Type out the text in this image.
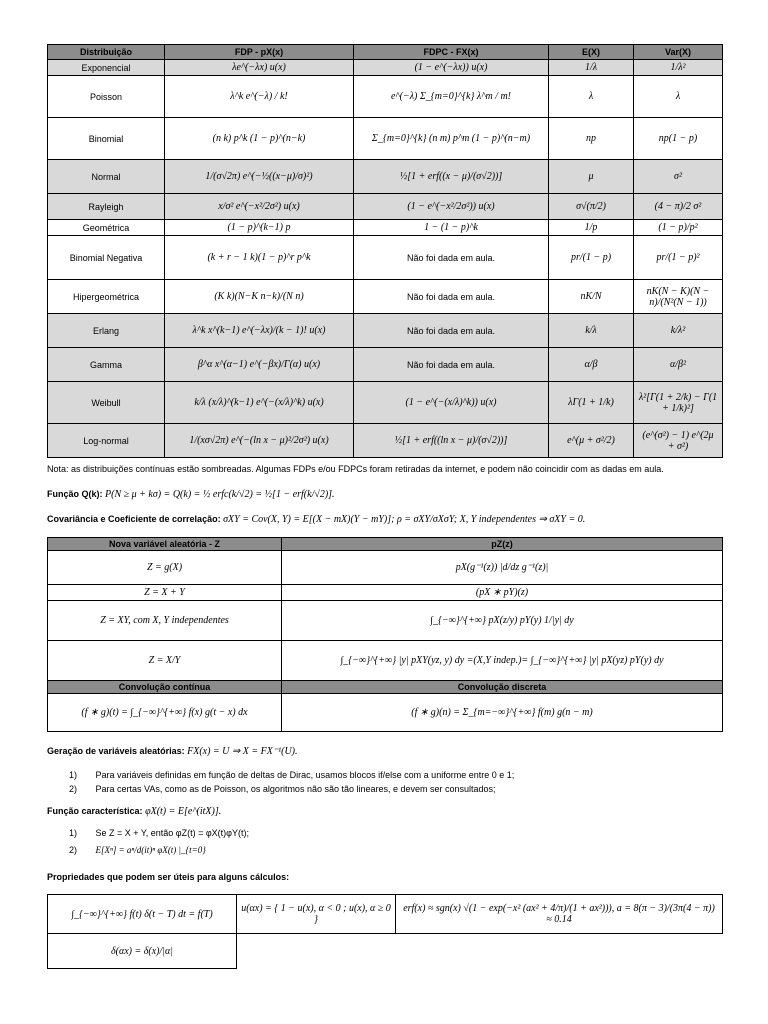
Distribuição	FDP - pX(x)	FDPC - FX(x)	E(X)	Var(X)
Exponencial	λe^(−λx) u(x)	(1 − e^(−λx)) u(x)	1/λ	1/λ²
Poisson	λ^k e^(−λ) / k!	e^(−λ) Σ_{m=0}^{k} λ^m / m!	λ	λ
Binomial	(n k) p^k (1 − p)^(n−k)	Σ_{m=0}^{k} (n m) p^m (1 − p)^(n−m)	np	np(1 − p)
Normal	1/(σ√2π) e^(−½((x−μ)/σ)²)	½[1 + erf((x − μ)/(σ√2))]	μ	σ²
Rayleigh	x/σ² e^(−x²/2σ²) u(x)	(1 − e^(−x²/2σ²)) u(x)	σ√(π/2)	(4 − π)/2 σ²
Geométrica	(1 − p)^(k−1) p	1 − (1 − p)^k	1/p	(1 − p)/p²
Binomial Negativa	(k + r − 1 k)(1 − p)^r p^k	Não foi dada em aula.	pr/(1 − p)	pr/(1 − p)²
Hipergeométrica	(K k)(N−K n−k)/(N n)	Não foi dada em aula.	nK/N	nK(N − K)(N − n)/(N²(N − 1))
Erlang	λ^k x^(k−1) e^(−λx)/(k − 1)! u(x)	Não foi dada em aula.	k/λ	k/λ²
Gamma	β^α x^(α−1) e^(−βx)/Γ(α) u(x)	Não foi dada em aula.	α/β	α/β²
Weibull	k/λ (x/λ)^(k−1) e^(−(x/λ)^k) u(x)	(1 − e^(−(x/λ)^k)) u(x)	λΓ(1 + 1/k)	λ²[Γ(1 + 2/k) − Γ(1 + 1/k)²]
Log-normal	1/(xσ√2π) e^(−(ln x − μ)²/2σ²) u(x)	½[1 + erf((ln x − μ)/(σ√2))]	e^(μ + σ²/2)	(e^(σ²) − 1) e^(2μ + σ²)
Nota: as distribuições contínuas estão sombreadas. Algumas FDPs e/ou FDPCs foram retiradas da internet, e podem não coincidir com as dadas em aula.
Função Q(k): P(N ≥ μ + kσ) = Q(k) = ½ erfc(k/√2) = ½[1 − erf(k/√2)].
Covariância e Coeficiente de correlação: σXY = Cov(X, Y) = E[(X − mX)(Y − mY)]; ρ = σXY/σXσY; X, Y independentes ⇒ σXY = 0.
Nova variável aleatória - Z	pZ(z)
Z = g(X)	pX(g⁻¹(z)) |d/dz g⁻¹(z)|
Z = X + Y	(pX ∗ pY)(z)
Z = XY, com X, Y independentes	∫_{−∞}^{+∞} pX(z/y) pY(y) 1/|y| dy
Z = X/Y	∫_{−∞}^{+∞} |y| pXY(yz, y) dy =(X,Y indep.)= ∫_{−∞}^{+∞} |y| pX(yz) pY(y) dy
Convolução contínua	Convolução discreta
(f ∗ g)(t) = ∫_{−∞}^{+∞} f(x) g(t − x) dx	(f ∗ g)(n) = Σ_{m=−∞}^{+∞} f(m) g(n − m)
Geração de variáveis aleatórias: FX(x) = U ⇒ X = FX⁻¹(U).
1) Para variáveis definidas em função de deltas de Dirac, usamos blocos if/else com a uniforme entre 0 e 1;
2) Para certas VAs, como as de Poisson, os algoritmos não são tão lineares, e devem ser consultados;
Função característica: φX(t) = E[e^(itX)].
1) Se Z = X + Y, então φZ(t) = φX(t)φY(t);
2) E[Xⁿ] = aⁿ/d(it)ⁿ φX(t) |_{t=0}
Propriedades que podem ser úteis para alguns cálculos:
∫_{−∞}^{+∞} f(t) δ(t − T) dt = f(T)	u(αx) = { 1 − u(x), α < 0 ; u(x), α ≥ 0 }	erf(x) ≈ sgn(x) √(1 − exp(−x² (ax² + 4/π)/(1 + ax²))), a = 8(π − 3)/(3π(4 − π)) ≈ 0.14
δ(αx) = δ(x)/|α|		
